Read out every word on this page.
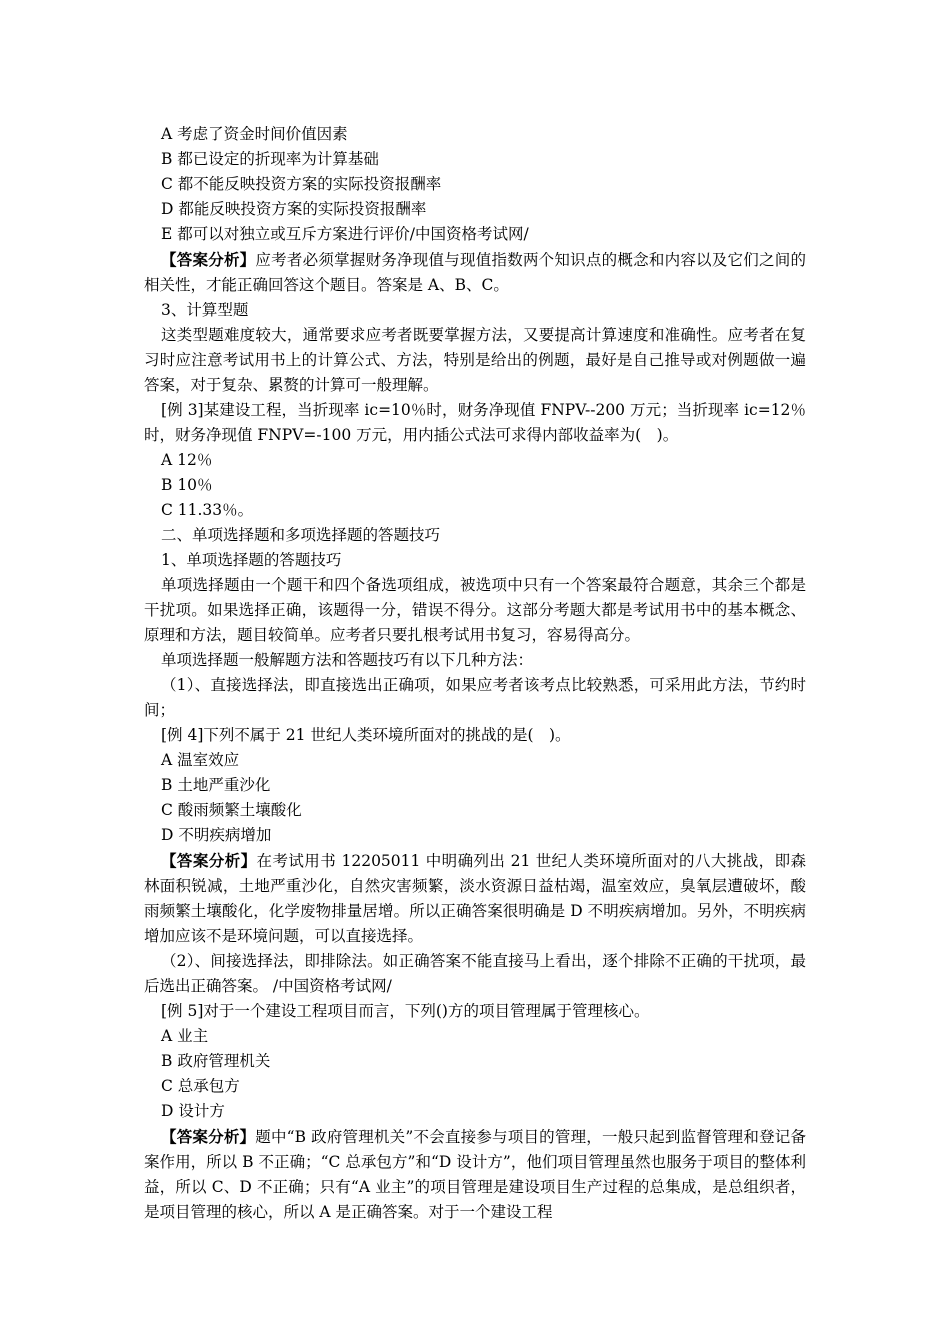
A 考虑了资金时间价值因素
B 都已设定的折现率为计算基础
C 都不能反映投资方案的实际投资报酬率
D 都能反映投资方案的实际投资报酬率
E 都可以对独立或互斥方案进行评价/中国资格考试网/
【答案分析】应考者必须掌握财务净现值与现值指数两个知识点的概念和内容以及它们之间的相关性，才能正确回答这个题目。答案是 A、B、C。
3、计算型题
这类型题难度较大，通常要求应考者既要掌握方法，又要提高计算速度和准确性。应考者在复习时应注意考试用书上的计算公式、方法，特别是给出的例题，最好是自己推导或对例题做一遍答案，对于复杂、累赘的计算可一般理解。
[例 3]某建设工程，当折现率 ic=10％时，财务净现值 FNPV--200 万元；当折现率 ic=12％时，财务净现值 FNPV=-100 万元，用内插公式法可求得内部收益率为(　)。
A 12％
B 10％
C 11.33％。
二、单项选择题和多项选择题的答题技巧
1、单项选择题的答题技巧
单项选择题由一个题干和四个备选项组成，被选项中只有一个答案最符合题意，其余三个都是干扰项。如果选择正确，该题得一分，错误不得分。这部分考题大都是考试用书中的基本概念、原理和方法，题目较简单。应考者只要扎根考试用书复习，容易得高分。
单项选择题一般解题方法和答题技巧有以下几种方法：
（1）、直接选择法，即直接选出正确项，如果应考者该考点比较熟悉，可采用此方法，节约时间；
[例 4]下列不属于 21 世纪人类环境所面对的挑战的是(　)。
A 温室效应
B 土地严重沙化
C 酸雨频繁土壤酸化
D 不明疾病增加
【答案分析】在考试用书 12205011 中明确列出 21 世纪人类环境所面对的八大挑战，即森林面积锐减，土地严重沙化，自然灾害频繁，淡水资源日益枯竭，温室效应，臭氧层遭破坏，酸雨频繁土壤酸化，化学废物排量居增。所以正确答案很明确是 D 不明疾病增加。另外，不明疾病增加应该不是环境问题，可以直接选择。
（2）、间接选择法，即排除法。如正确答案不能直接马上看出，逐个排除不正确的干扰项，最后选出正确答案。 /中国资格考试网/
[例 5]对于一个建设工程项目而言，下列()方的项目管理属于管理核心。
A 业主
B 政府管理机关
C 总承包方
D 设计方
【答案分析】题中“B 政府管理机关”不会直接参与项目的管理，一般只起到监督管理和登记备案作用，所以 B 不正确；“C 总承包方”和“D 设计方”，他们项目管理虽然也服务于项目的整体利益，所以 C、D 不正确；只有“A 业主”的项目管理是建设项目生产过程的总集成，是总组织者，是项目管理的核心，所以 A 是正确答案。对于一个建设工程
